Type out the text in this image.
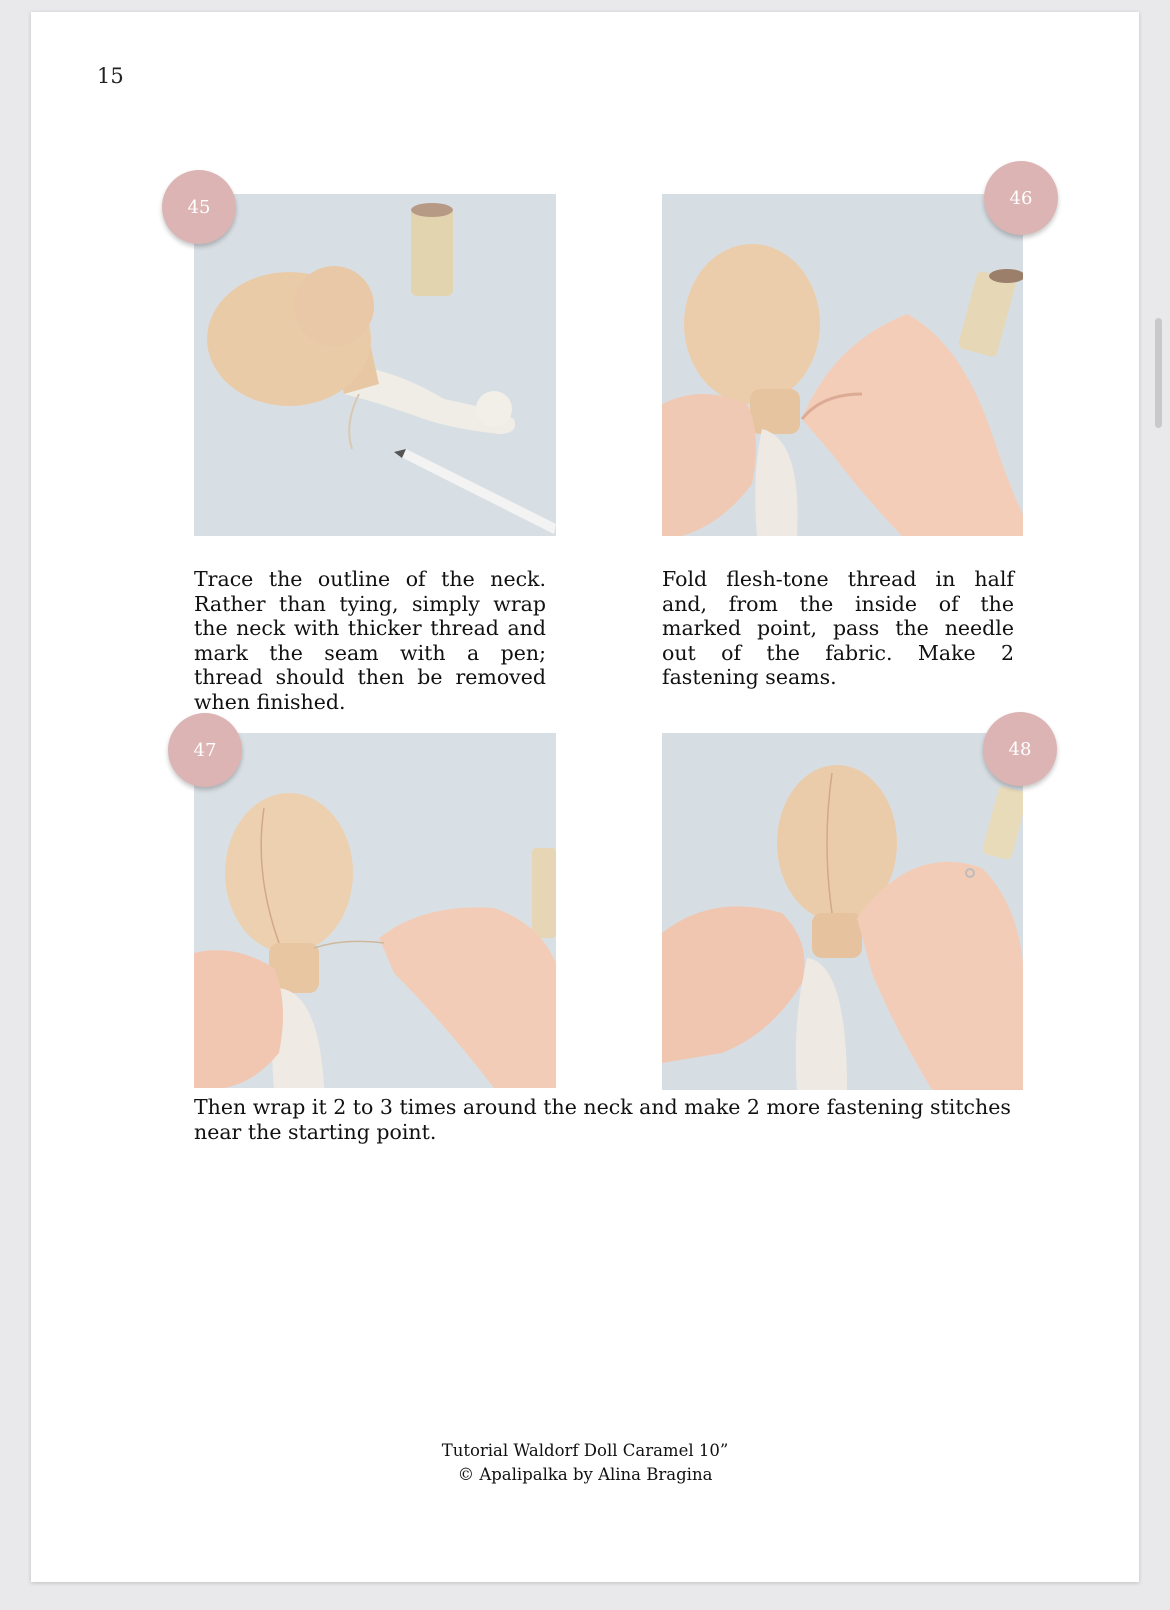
15
45	46
Trace the outline of the neck. Rather than tying, simply wrap the neck with thicker thread and mark the seam with a pen; thread should then be removed when finished.
Fold flesh-tone thread in half and, from the inside of the marked point, pass the needle out of the fabric. Make 2 fastening seams.
47	48
Then wrap it 2 to 3 times around the neck and make 2 more fastening stitches near the starting point.
Tutorial Waldorf Doll Caramel 10”
© Apalipalka by Alina Bragina
